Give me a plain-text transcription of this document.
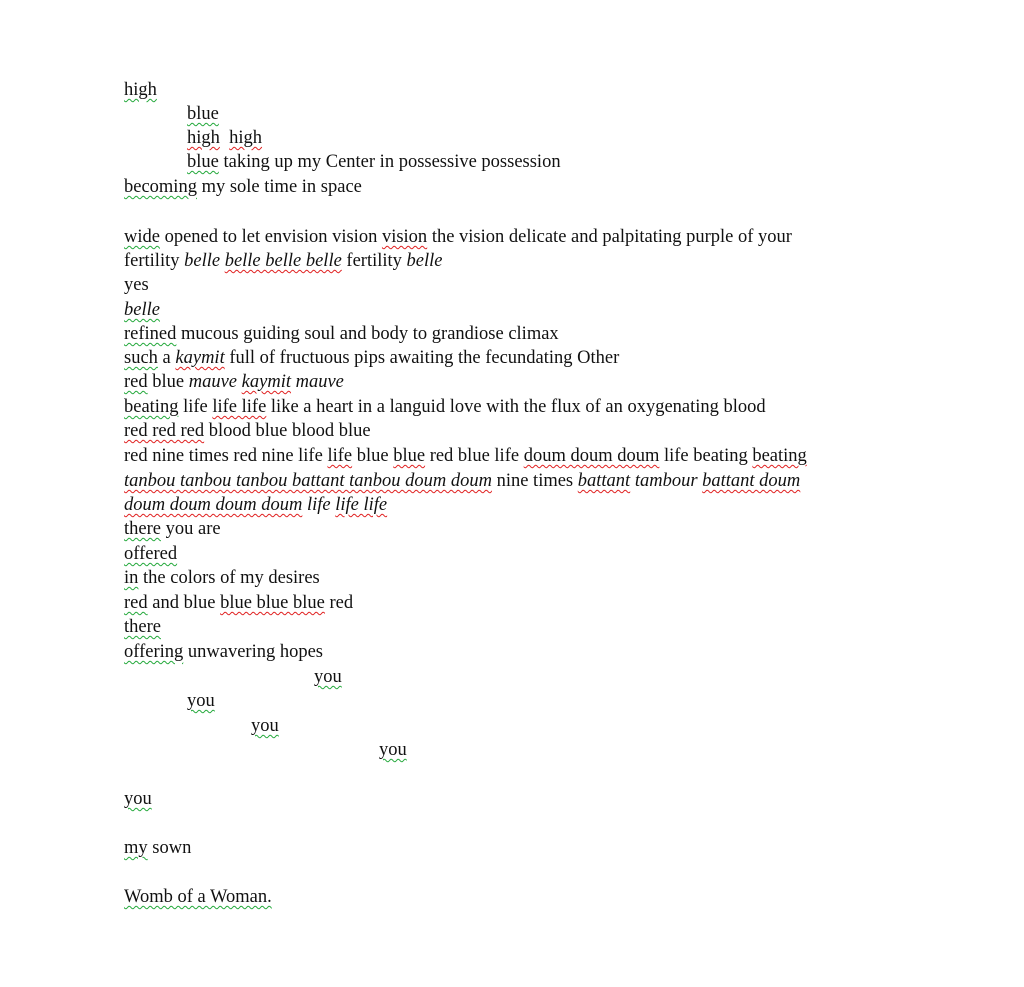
high
blue
high high
blue taking up my Center in possessive possession
becoming my sole time in space
wide opened to let envision vision vision the vision delicate and palpitating purple of your
fertility belle belle belle belle fertility belle
yes
belle
refined mucous guiding soul and body to grandiose climax
such a kaymit full of fructuous pips awaiting the fecundating Other
red blue mauve kaymit mauve
beating life life life like a heart in a languid love with the flux of an oxygenating blood
red red red blood blue blood blue
red nine times red nine life life blue blue red blue life doum doum doum life beating beating
tanbou tanbou tanbou battant tanbou doum doum nine times battant tambour battant doum
doum doum doum doum life life life
there you are
offered
in the colors of my desires
red and blue blue blue blue red
there
offering unwavering hopes
you
you
you
you
you
my sown
Womb of a Woman.
